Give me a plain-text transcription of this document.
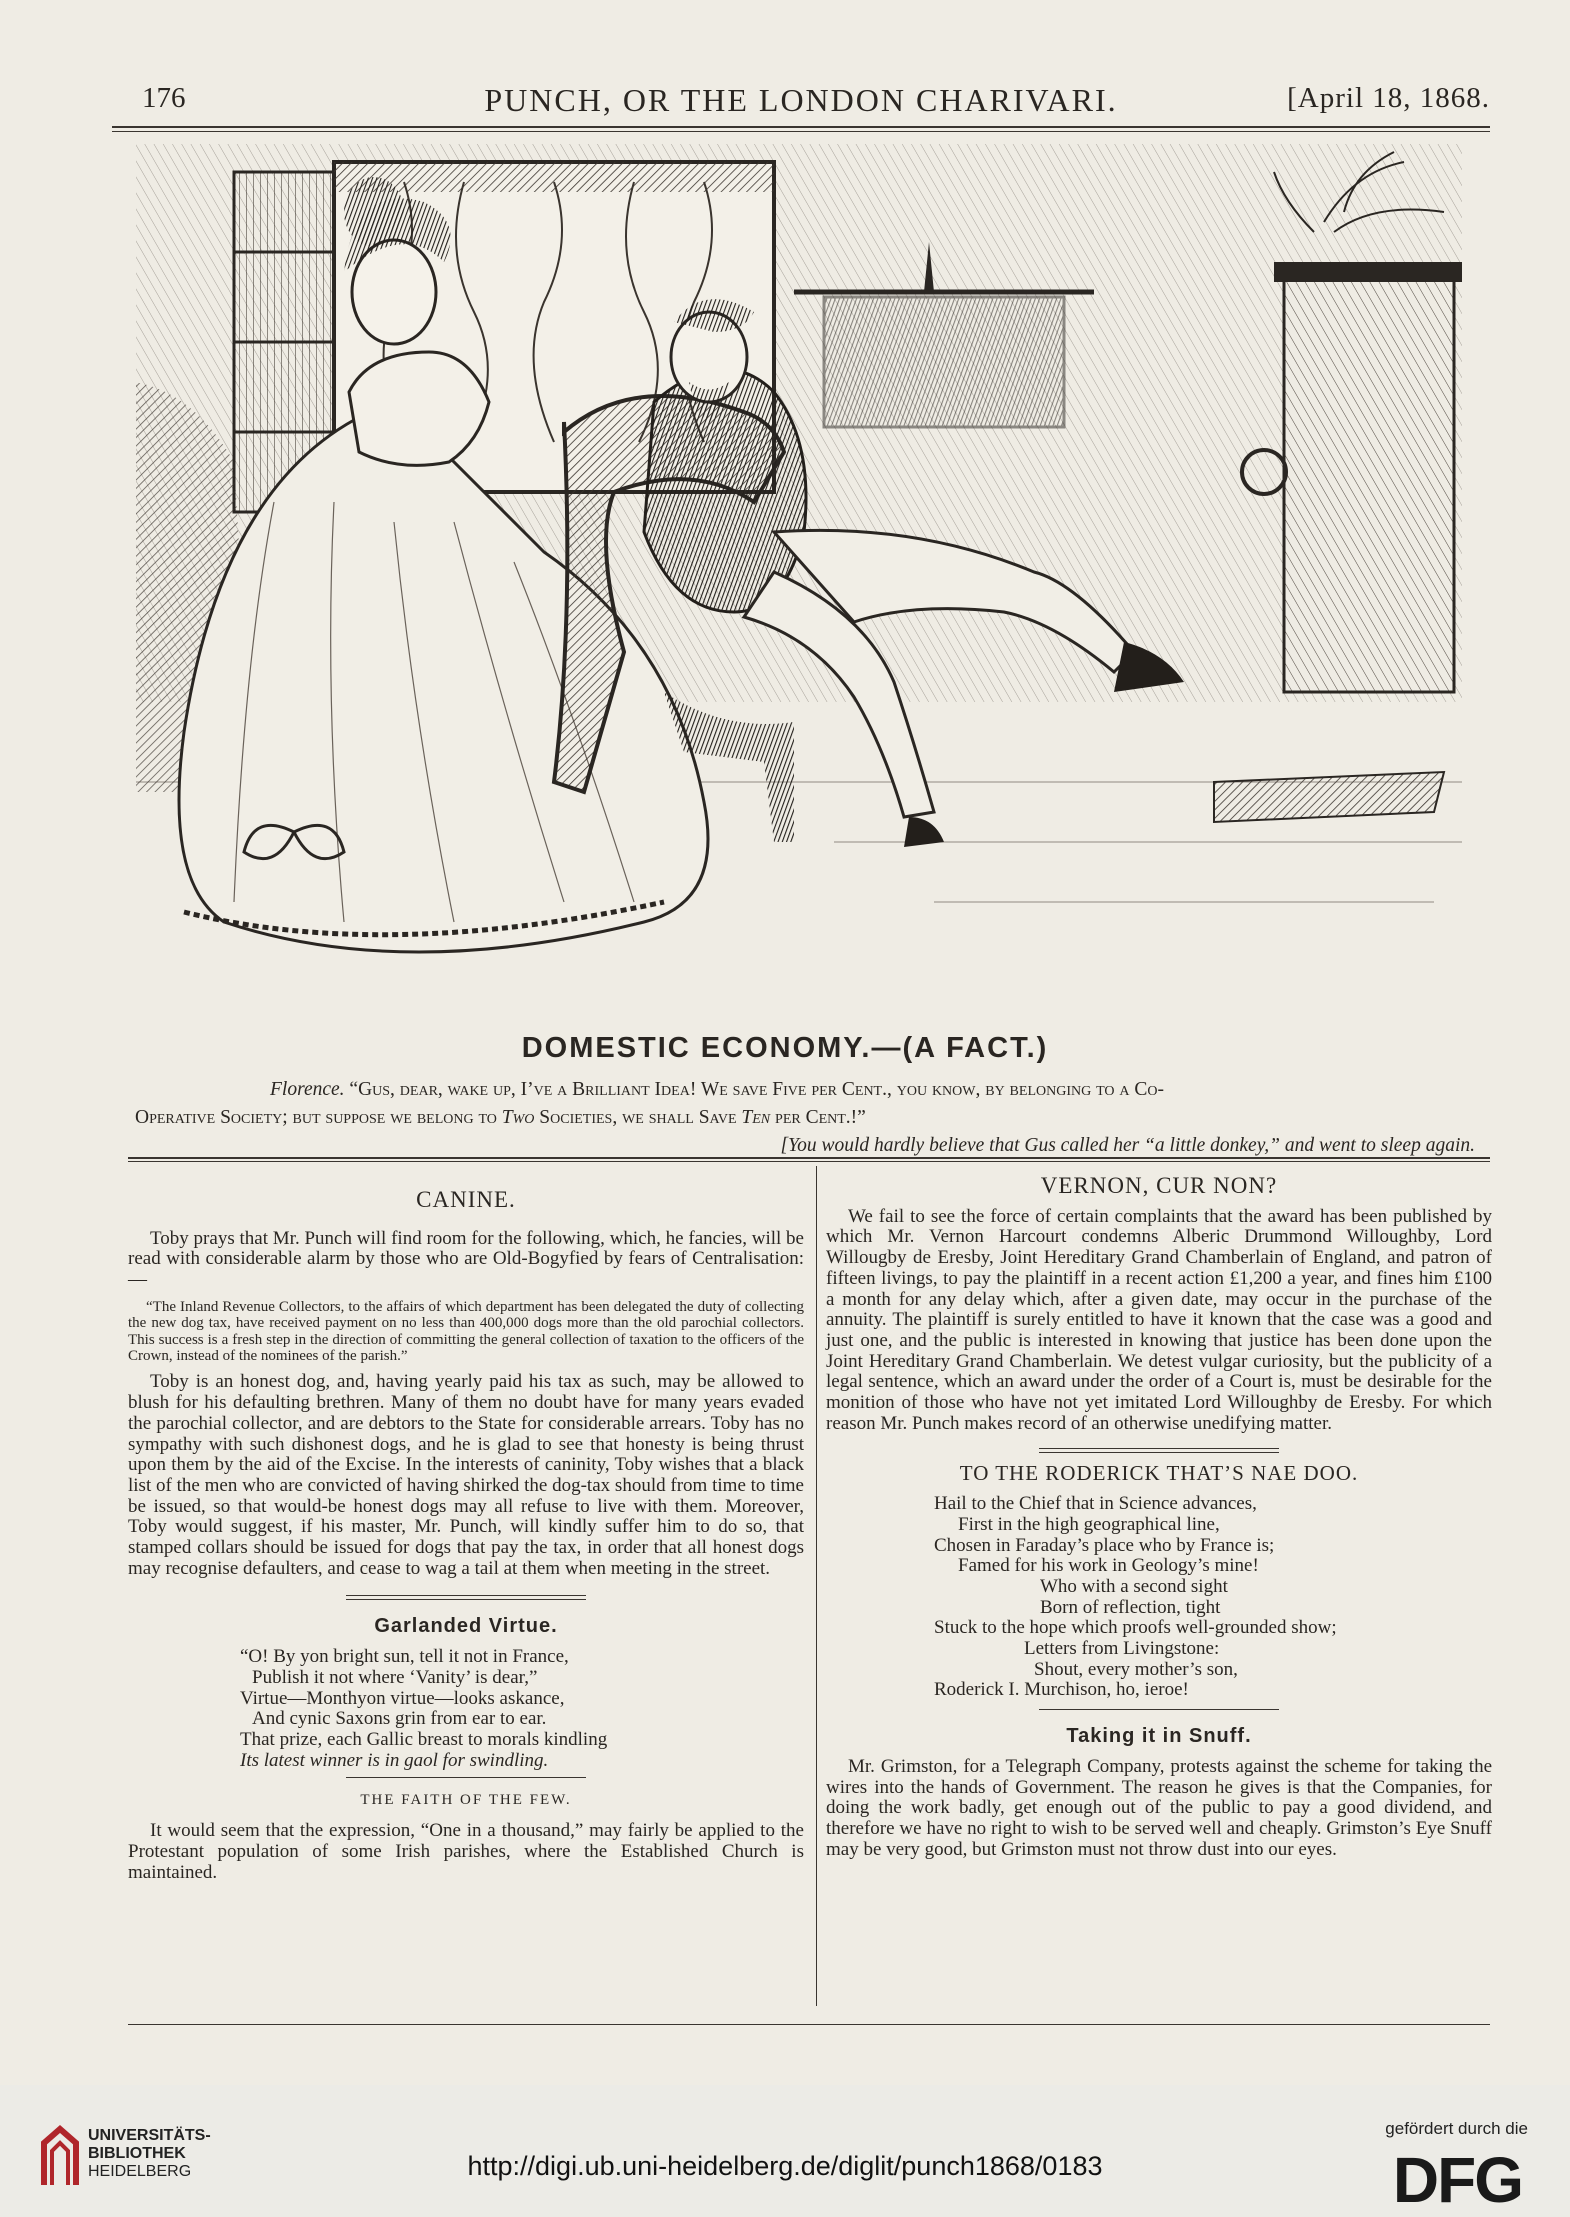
176	PUNCH, OR THE LONDON CHARIVARI.	[April 18, 1868.
DOMESTIC ECONOMY.—(A FACT.)
Florence. “Gus, dear, wake up, I’ve a Brilliant Idea! We save Five per Cent., you know, by belonging to a Co-
Operative Society; but suppose we belong to Two Societies, we shall Save Ten per Cent.!”
[You would hardly believe that Gus called her “a little donkey,” and went to sleep again.
CANINE.

Toby prays that Mr. Punch will find room for the following, which, he fancies, will be read with considerable alarm by those who are Old-Bogyfied by fears of Centralisation:—

“The Inland Revenue Collectors, to the affairs of which department has been delegated the duty of collecting the new dog tax, have received payment on no less than 400,000 dogs more than the old parochial collectors. This success is a fresh step in the direction of committing the general collection of taxation to the officers of the Crown, instead of the nominees of the parish.”

Toby is an honest dog, and, having yearly paid his tax as such, may be allowed to blush for his defaulting brethren. Many of them no doubt have for many years evaded the parochial collector, and are debtors to the State for considerable arrears. Toby has no sympathy with such dishonest dogs, and he is glad to see that honesty is being thrust upon them by the aid of the Excise. In the interests of caninity, Toby wishes that a black list of the men who are convicted of having shirked the dog-tax should from time to time be issued, so that would-be honest dogs may all refuse to live with them. Moreover, Toby would suggest, if his master, Mr. Punch, will kindly suffer him to do so, that stamped collars should be issued for dogs that pay the tax, in order that all honest dogs may recognise defaulters, and cease to wag a tail at them when meeting in the street.

Garlanded Virtue.
“O! By yon bright sun, tell it not in France,
Publish it not where ‘Vanity’ is dear,”
Virtue—Monthyon virtue—looks askance,
And cynic Saxons grin from ear to ear.
That prize, each Gallic breast to morals kindling
Its latest winner is in gaol for swindling.

THE FAITH OF THE FEW.

It would seem that the expression, “One in a thousand,” may fairly be applied to the Protestant population of some Irish parishes, where the Established Church is maintained.

VERNON, CUR NON?

We fail to see the force of certain complaints that the award has been published by which Mr. Vernon Harcourt condemns Alberic Drummond Willoughby, Lord Willougby de Eresby, Joint Hereditary Grand Chamberlain of England, and patron of fifteen livings, to pay the plaintiff in a recent action £1,200 a year, and fines him £100 a month for any delay which, after a given date, may occur in the purchase of the annuity. The plaintiff is surely entitled to have it known that the case was a good and just one, and the public is interested in knowing that justice has been done upon the Joint Hereditary Grand Chamberlain. We detest vulgar curiosity, but the publicity of a legal sentence, which an award under the order of a Court is, must be desirable for the monition of those who have not yet imitated Lord Willoughby de Eresby. For which reason Mr. Punch makes record of an otherwise unedifying matter.

TO THE RODERICK THAT’S NAE DOO.
Hail to the Chief that in Science advances,
First in the high geographical line,
Chosen in Faraday’s place who by France is;
Famed for his work in Geology’s mine!
Who with a second sight
Born of reflection, tight
Stuck to the hope which proofs well-grounded show;
Letters from Livingstone:
Shout, every mother’s son,
Roderick I. Murchison, ho, ieroe!
Taking it in Snuff.

Mr. Grimston, for a Telegraph Company, protests against the scheme for taking the wires into the hands of Government. The reason he gives is that the Companies, for doing the work badly, get enough out of the public to pay a good dividend, and therefore we have no right to wish to be served well and cheaply. Grimston’s Eye Snuff may be very good, but Grimston must not throw dust into our eyes.

UNIVERSITÄTS-
BIBLIOTHEK
HEIDELBERG	http://digi.ub.uni-heidelberg.de/diglit/punch1868/0183
gefördert durch die
DFG
